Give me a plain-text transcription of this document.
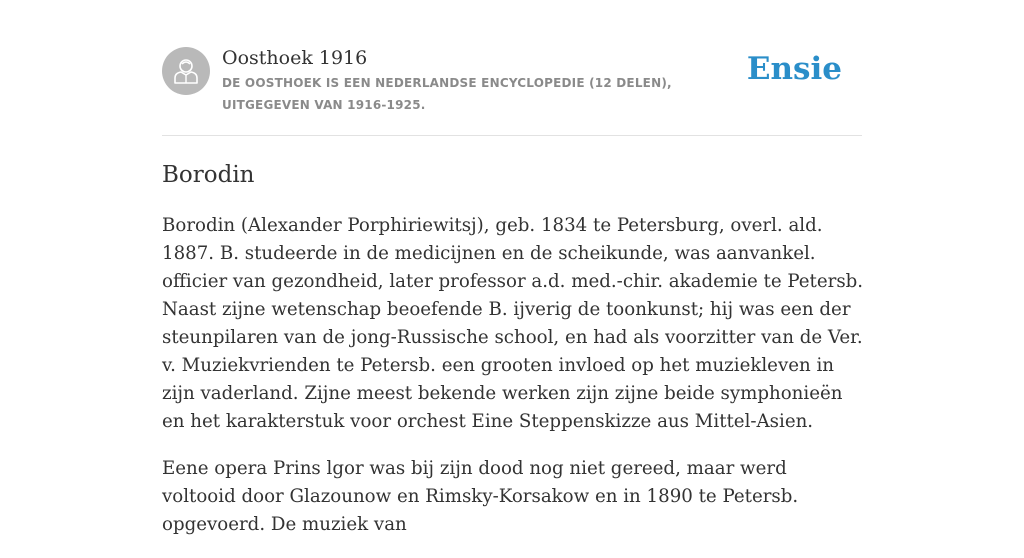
Oosthoek 1916
DE OOSTHOEK IS EEN NEDERLANDSE ENCYCLOPEDIE (12 DELEN), UITGEGEVEN VAN 1916-1925.
Ensie
Borodin

Borodin (Alexander Porphiriewitsj), geb. 1834 te Petersburg, overl. ald. 1887. B. studeerde in de medicijnen en de scheikunde, was aanvankel. officier van gezondheid, later professor a.d. med.-chir. akademie te Petersb. Naast zijne wetenschap beoefende B. ijverig de toonkunst; hij was een der steunpilaren van de jong-Russische school, en had als voorzitter van de Ver. v. Muziekvrienden te Petersb. een grooten invloed op het muziekleven in zijn vaderland. Zijne meest bekende werken zijn zijne beide symphonieën en het karakterstuk voor orchest Eine Steppenskizze aus Mittel-Asien.

Eene opera Prins lgor was bij zijn dood nog niet gereed, maar werd voltooid door Glazounow en Rimsky-Korsakow en in 1890 te Petersb. opgevoerd. De muziek van
